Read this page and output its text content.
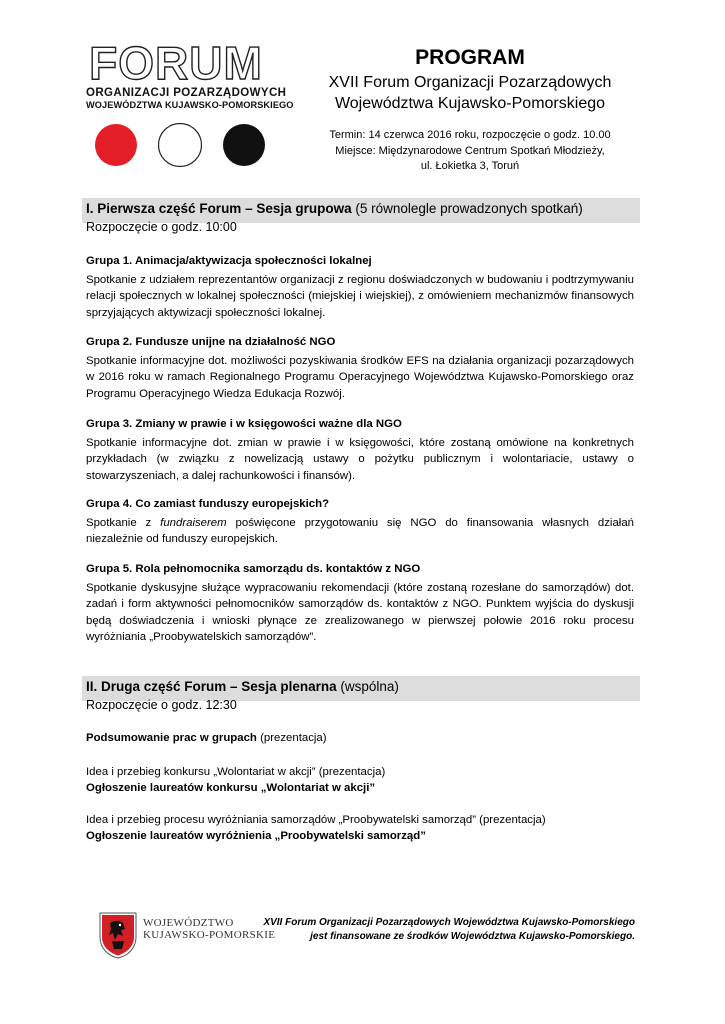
FORUM
ORGANIZACJI POZARZĄDOWYCH
WOJEWÓDZTWA KUJAWSKO-POMORSKIEGO
PROGRAM
XVII Forum Organizacji Pozarządowych
Województwa Kujawsko-Pomorskiego
Termin: 14 czerwca 2016 roku, rozpoczęcie o godz. 10.00
Miejsce: Międzynarodowe Centrum Spotkań Młodzieży,
ul. Łokietka 3, Toruń
I. Pierwsza część Forum – Sesja grupowa (5 równolegle prowadzonych spotkań)
Rozpoczęcie o godz. 10:00
Grupa 1. Animacja/aktywizacja społeczności lokalnej
Spotkanie z udziałem reprezentantów organizacji z regionu doświadczonych w budowaniu i podtrzymywaniu relacji społecznych w lokalnej społeczności (miejskiej i wiejskiej), z omówieniem mechanizmów finansowych sprzyjających aktywizacji społeczności lokalnej.
Grupa 2. Fundusze unijne na działalność NGO
Spotkanie informacyjne dot. możliwości pozyskiwania środków EFS na działania organizacji pozarządowych w 2016 roku w ramach Regionalnego Programu Operacyjnego Województwa Kujawsko-Pomorskiego oraz Programu Operacyjnego Wiedza Edukacja Rozwój.
Grupa 3. Zmiany w prawie i w księgowości ważne dla NGO
Spotkanie informacyjne dot. zmian w prawie i w księgowości, które zostaną omówione na konkretnych przykładach (w związku z nowelizacją ustawy o pożytku publicznym i wolontariacie, ustawy o stowarzyszeniach, a dalej rachunkowości i finansów).
Grupa 4. Co zamiast funduszy europejskich?
Spotkanie z fundraiserem poświęcone przygotowaniu się NGO do finansowania własnych działań niezależnie od funduszy europejskich.
Grupa 5. Rola pełnomocnika samorządu ds. kontaktów z NGO
Spotkanie dyskusyjne służące wypracowaniu rekomendacji (które zostaną rozesłane do samorządów) dot. zadań i form aktywności pełnomocników samorządów ds. kontaktów z NGO. Punktem wyjścia do dyskusji będą doświadczenia i wnioski płynące ze zrealizowanego w pierwszej połowie 2016 roku procesu wyróżniania „Proobywatelskich samorządów”.
II. Druga część Forum – Sesja plenarna (wspólna)
Rozpoczęcie o godz. 12:30
Podsumowanie prac w grupach (prezentacja)
Idea i przebieg konkursu „Wolontariat w akcji” (prezentacja)
Ogłoszenie laureatów konkursu „Wolontariat w akcji”
Idea i przebieg procesu wyróżniania samorządów „Proobywatelski samorząd” (prezentacja)
Ogłoszenie laureatów wyróżnienia „Proobywatelski samorząd”
WOJEWÓDZTWO
KUJAWSKO-POMORSKIE
XVII Forum Organizacji Pozarządowych Województwa Kujawsko-Pomorskiego
jest finansowane ze środków Województwa Kujawsko-Pomorskiego.
